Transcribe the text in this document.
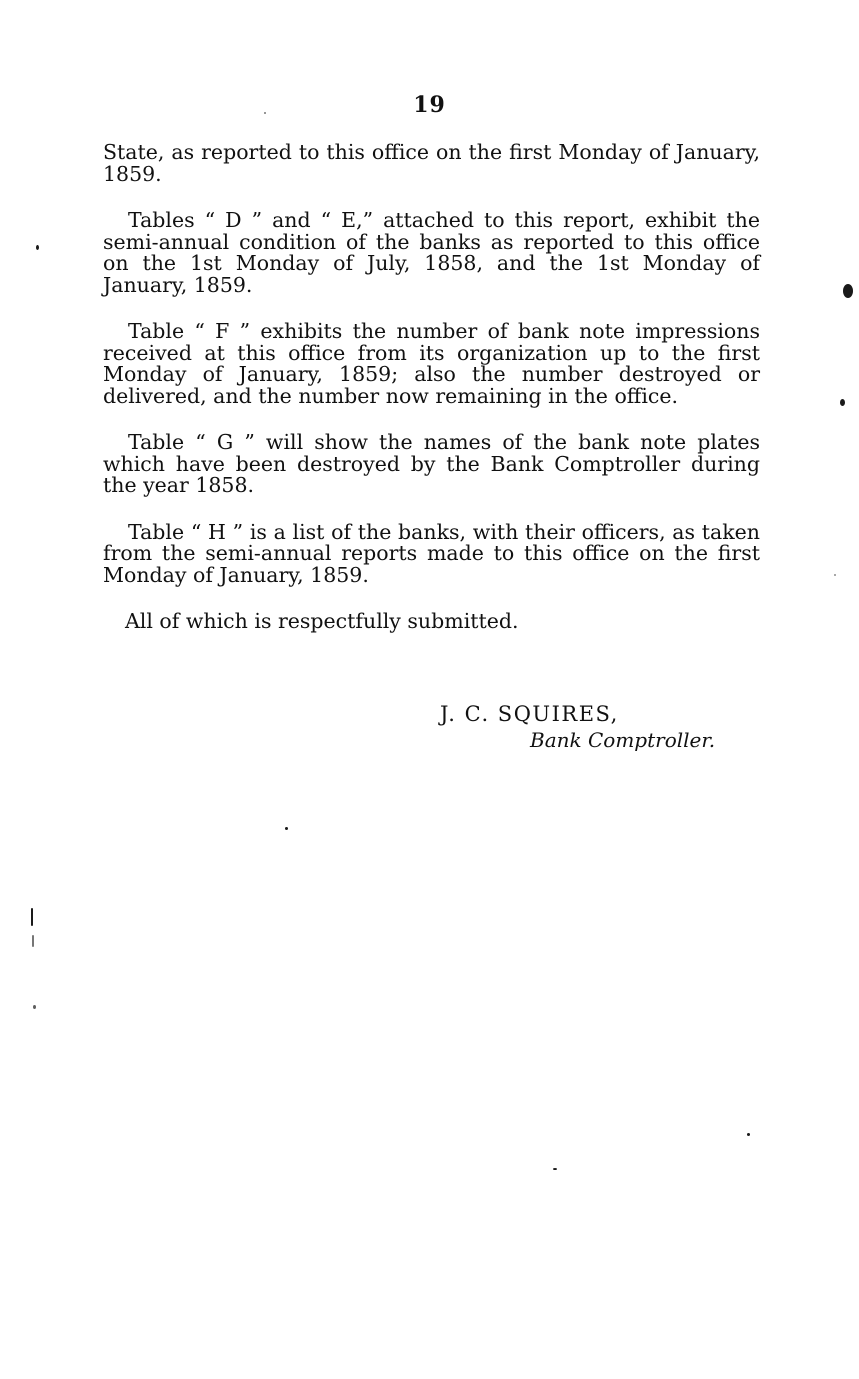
19

State, as reported to this office on the first Monday of January, 1859.

Tables “ D ” and “ E,” attached to this report, exhibit the semi-annual condition of the banks as reported to this office on the 1st Monday of July, 1858, and the 1st Monday of January, 1859.

Table “ F ” exhibits the number of bank note impressions received at this office from its organization up to the first Monday of January, 1859; also the number destroyed or delivered, and the number now remaining in the office.

Table “ G ” will show the names of the bank note plates which have been destroyed by the Bank Comptroller during the year 1858.

Table “ H ” is a list of the banks, with their officers, as taken from the semi-annual reports made to this office on the first Monday of January, 1859.

All of which is respectfully submitted.

J. C. SQUIRES,

Bank Comptroller.
